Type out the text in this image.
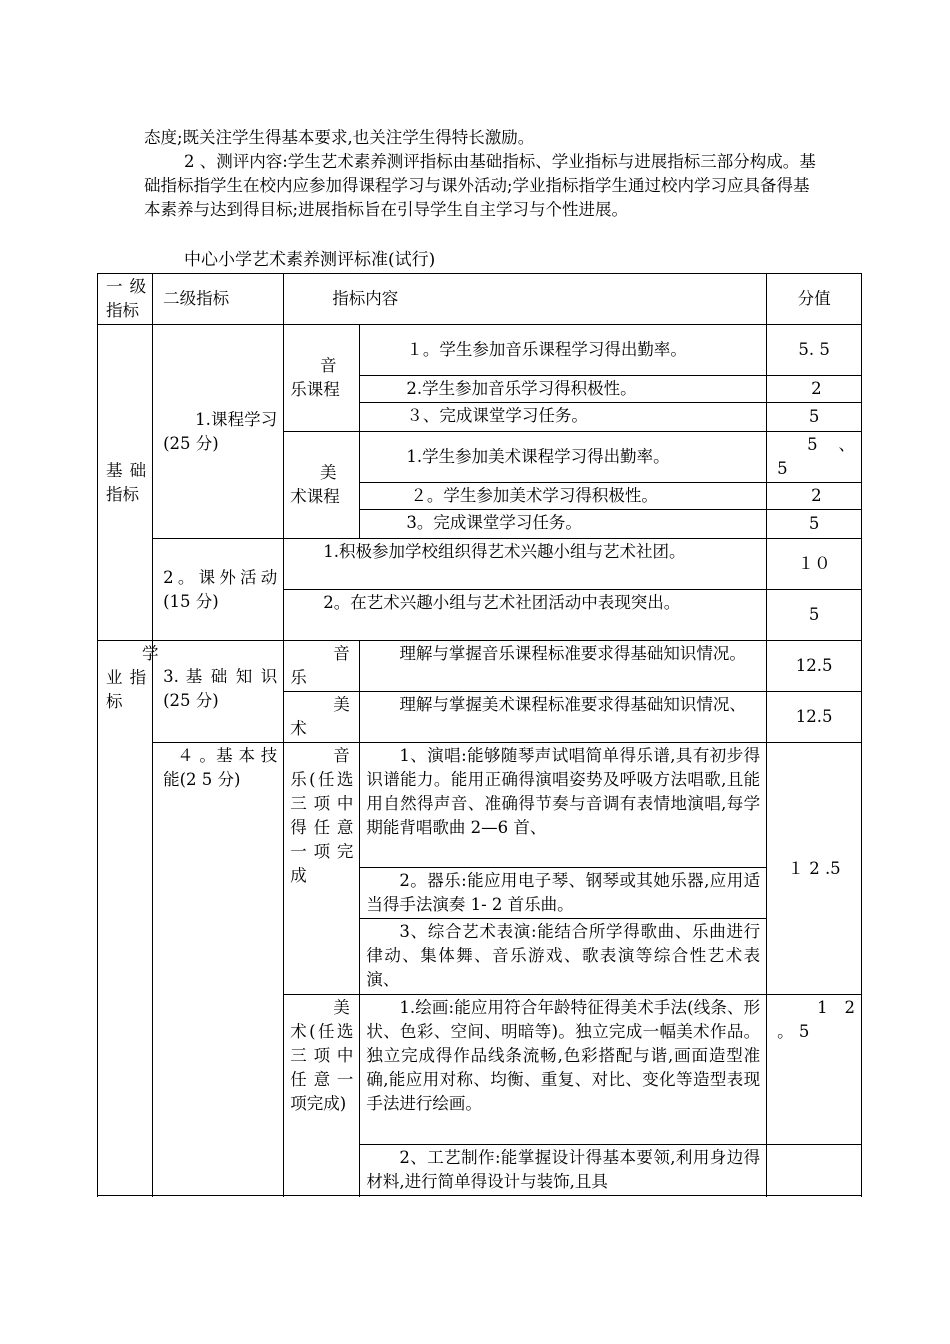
态度;既关注学生得基本要求,也关注学生得特长激励。

2 、测评内容:学生艺术素养测评指标由基础指标、学业指标与进展指标三部分构成。基础指标指学生在校内应参加得课程学习与课外活动;学业指标指学生通过校内学习应具备得基本素养与达到得目标;进展指标旨在引导学生自主学习与个性进展。

中心小学艺术素养测评标准(试行)
一 级指标	二级指标	指标内容		分值
基 础 指标	1.课程学习(25 分)	音 乐课程	１。学生参加音乐课程学习得出勤率。	5. 5
			2.学生参加音乐学习得积极性。	2
			３、完成课堂学习任务。	5
		美 术课程	1.学生参加美术课程学习得出勤率。	5 、 5
			２。学生参加美术学习得积极性。	2
			3。完成课堂学习任务。	5
	2。课外活动(15 分)	1.积极参加学校组织得艺术兴趣小组与艺术社团。		１０
		2。在艺术兴趣小组与艺术社团活动中表现突出。		5
学 业 指标	3. 基 础 知 识(25 分)	音 乐	理解与掌握音乐课程标准要求得基础知识情况。	12.5
		美 术	理解与掌握美术课程标准要求得基础知识情况、	12.5
	４ 。基 本 技能(2 5 分)	音 乐(任选三 项 中得 任 意一 项 完成	1、演唱:能够随琴声试唱简单得乐谱,具有初步得识谱能力。能用正确得演唱姿势及呼吸方法唱歌,且能用自然得声音、准确得节奏与音调有表情地演唱,每学期能背唱歌曲 2—6 首、	１ 2 .5
			2。器乐:能应用电子琴、钢琴或其她乐器,应用适当得手法演奏 1- 2 首乐曲。	
			3、综合艺术表演:能结合所学得歌曲、乐曲进行律动、集体舞、音乐游戏、歌表演等综合性艺术表演、	
		美 术(任选三 项 中任 意 一项完成)	1.绘画:能应用符合年龄特征得美术手法(线条、形状、色彩、空间、明暗等)。独立完成一幅美术作品。独立完成得作品线条流畅,色彩搭配与谐,画面造型准确,能应用对称、均衡、重复、对比、变化等造型表现手法进行绘画。	1 2 。 5
			2、工艺制作:能掌握设计得基本要领,利用身边得材料,进行简单得设计与装饰,且具	
